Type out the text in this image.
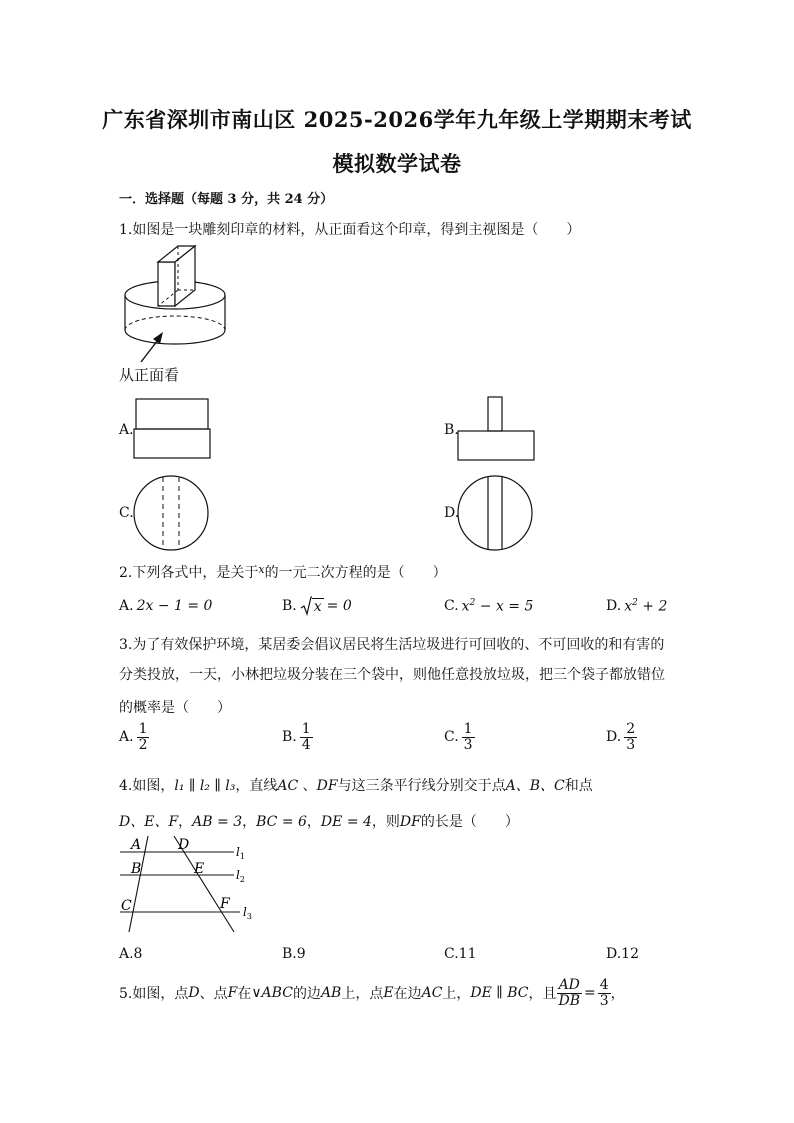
广东省深圳市南山区 2025-2026学年九年级上学期期末考试
模拟数学试卷
一．选择题（每题 3 分，共 24 分）
1.如图是一块雕刻印章的材料，从正面看这个印章，得到主视图是（　　）
从正面看
A.	B.
C.	D.
2.下列各式中，是关于$^x$的一元二次方程的是（　　）
A. 2x − 1 = 0	B. x = 0	C. $x^2 - x = 5$	D. $x^2 + 2$
3.为了有效保护环境，某居委会倡议居民将生活垃圾进行可回收的、不可回收的和有害的
分类投放，一天，小林把垃圾分装在三个袋中，则他任意投放垃圾，把三个袋子都放错位
的概率是（　　）
A. $\frac{1}{2}$	B. $\frac{1}{4}$	C. $\frac{1}{3}$	D. $\frac{2}{3}$
4.如图，l₁ ∥ l₂ ∥ l₃，直线AC 、DF与这三条平行线分别交于点A、B、C和点
D、E、F，AB = 3，BC = 6，DE = 4，则DF的长是（　　）
A
B
C
D
E
F
$l_1$
$l_2$
$l_3$
A.8	B.9	C.11	D.12
5.如图，点 D 、点 F 在 ∨ABC 的边 AB 上，点 E 在边 AC 上， DE ∥ BC ，且 $\frac{AD}{DB} = \frac{4}{3}$ ，
